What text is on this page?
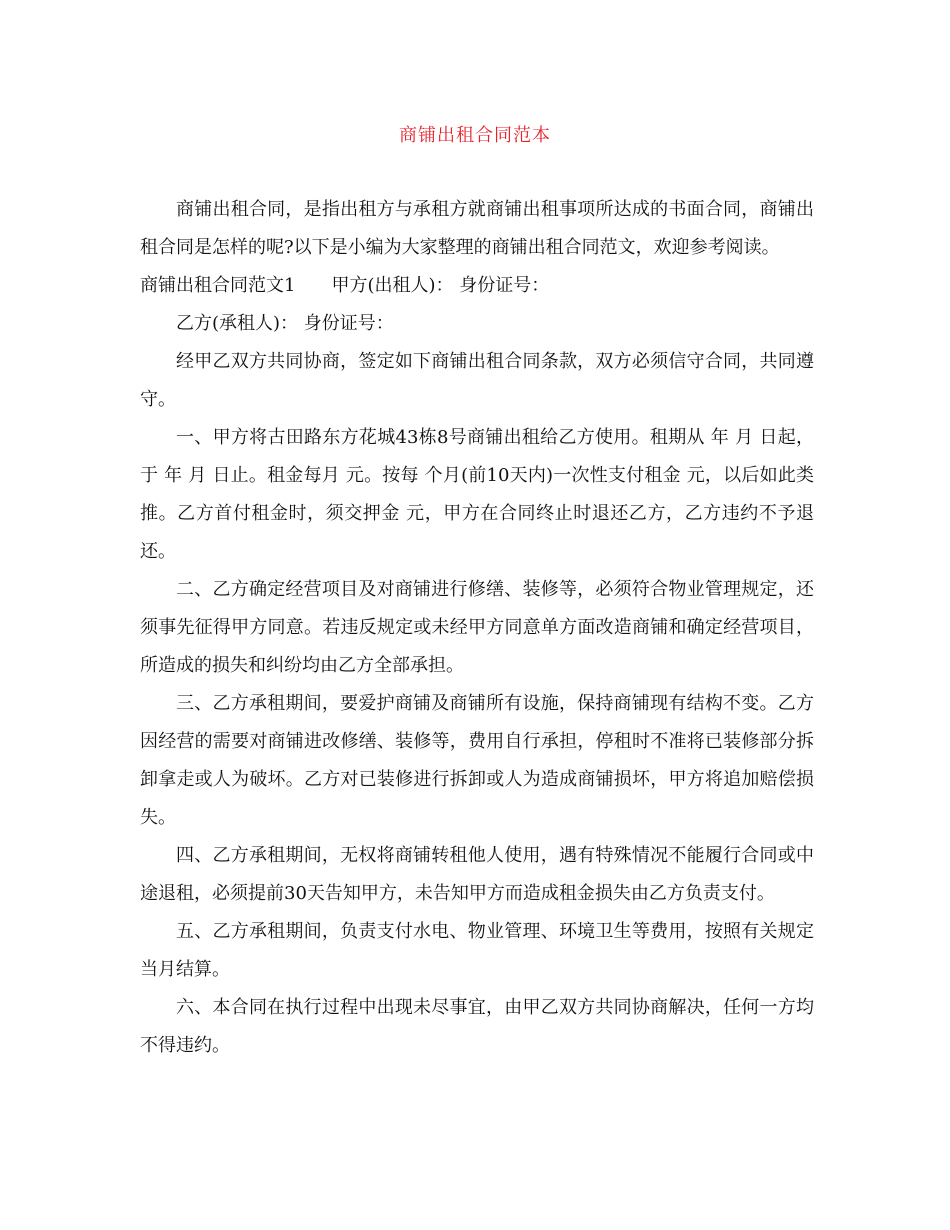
商铺出租合同范本

商铺出租合同，是指出租方与承租方就商铺出租事项所达成的书面合同，商铺出租合同是怎样的呢?以下是小编为大家整理的商铺出租合同范文，欢迎参考阅读。

商铺出租合同范文1 甲方(出租人)： 身份证号：

乙方(承租人)： 身份证号：

经甲乙双方共同协商，签定如下商铺出租合同条款，双方必须信守合同，共同遵守。

一、甲方将古田路东方花城43栋8号商铺出租给乙方使用。租期从 年 月 日起，于 年 月 日止。租金每月 元。按每 个月(前10天内)一次性支付租金 元，以后如此类推。乙方首付租金时，须交押金 元，甲方在合同终止时退还乙方，乙方违约不予退还。

二、乙方确定经营项目及对商铺进行修缮、装修等，必须符合物业管理规定，还须事先征得甲方同意。若违反规定或未经甲方同意单方面改造商铺和确定经营项目，所造成的损失和纠纷均由乙方全部承担。

三、乙方承租期间，要爱护商铺及商铺所有设施，保持商铺现有结构不变。乙方因经营的需要对商铺进改修缮、装修等，费用自行承担，停租时不准将已装修部分拆卸拿走或人为破坏。乙方对已装修进行拆卸或人为造成商铺损坏，甲方将追加赔偿损失。

四、乙方承租期间，无权将商铺转租他人使用，遇有特殊情况不能履行合同或中途退租，必须提前30天告知甲方，未告知甲方而造成租金损失由乙方负责支付。

五、乙方承租期间，负责支付水电、物业管理、环境卫生等费用，按照有关规定当月结算。

六、本合同在执行过程中出现未尽事宜，由甲乙双方共同协商解决，任何一方均不得违约。
